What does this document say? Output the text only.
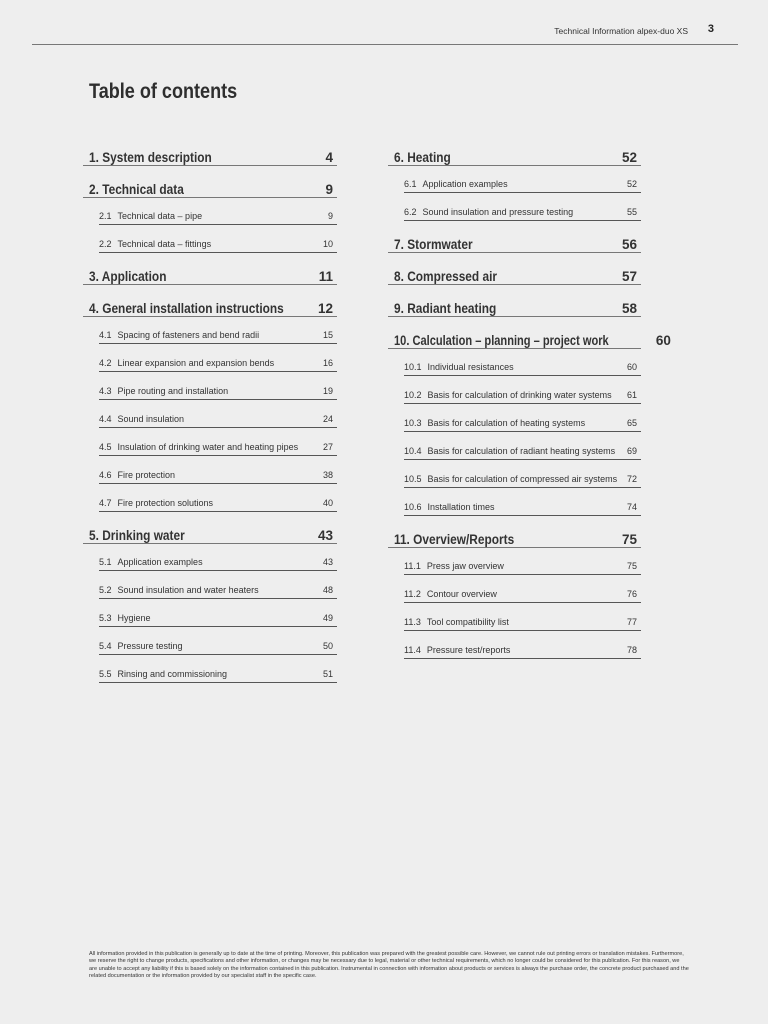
Technical Information alpex-duo XS 3
Table of contents
1. System description	4
2. Technical data	9
2.1 Technical data – pipe	9
2.2 Technical data – fittings	10
3. Application	11
4. General installation instructions	12
4.1 Spacing of fasteners and bend radii	15
4.2 Linear expansion and expansion bends	16
4.3 Pipe routing and installation	19
4.4 Sound insulation	24
4.5 Insulation of drinking water and heating pipes	27
4.6 Fire protection	38
4.7 Fire protection solutions	40
5. Drinking water	43
5.1 Application examples	43
5.2 Sound insulation and water heaters	48
5.3 Hygiene	49
5.4 Pressure testing	50
5.5 Rinsing and commissioning	51
6. Heating	52
6.1 Application examples	52
6.2 Sound insulation and pressure testing	55
7. Stormwater	56
8. Compressed air	57
9. Radiant heating	58
10. Calculation – planning – project work	60
10.1 Individual resistances	60
10.2 Basis for calculation of drinking water systems 61
10.3 Basis for calculation of heating systems	65
10.4 Basis for calculation of radiant heating systems 69
10.5 Basis for calculation of compressed air systems 72
10.6 Installation times	74
11. Overview/Reports	75
11.1 Press jaw overview	75
11.2 Contour overview	76
11.3 Tool compatibility list	77
11.4 Pressure test/reports	78
All information provided in this publication is generally up to date at the time of printing. Moreover, this publication was prepared with the greatest possible care. However, we cannot rule out printing errors or translation mistakes. Furthermore, we reserve the right to change products, specifications and other information, or changes may be necessary due to legal, material or other technical requirements, which no longer could be considered for this publication. For this reason, we are unable to accept any liability if this is based solely on the information contained in this publication. Instrumental in connection with information about products or services is always the purchase order, the concrete product purchased and the related documentation or the information provided by our specialist staff in the specific case.
